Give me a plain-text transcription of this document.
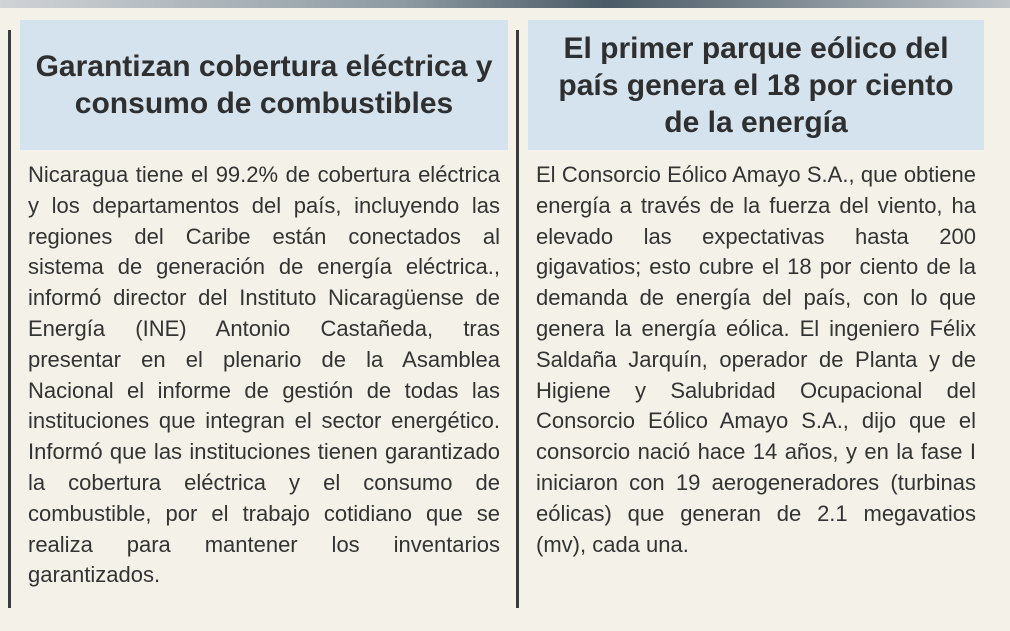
Garantizan cobertura eléctrica y consumo de combustibles

Nicaragua tiene el 99.2% de cobertura eléctrica y los departamentos del país, incluyendo las regiones del Caribe están conectados al sistema de generación de energía eléctrica., informó director del Instituto Nicaragüense de Energía (INE) Antonio Castañeda, tras presentar en el plenario de la Asamblea Nacional el informe de gestión de todas las instituciones que integran el sector energético. Informó que las instituciones tienen garantizado la cobertura eléctrica y el consumo de combustible, por el trabajo cotidiano que se realiza para mantener los inventarios garantizados.

El primer parque eólico del país genera el 18 por ciento de la energía

El Consorcio Eólico Amayo S.A., que obtiene energía a través de la fuerza del viento, ha elevado las expectativas hasta 200 gigavatios; esto cubre el 18 por ciento de la demanda de energía del país, con lo que genera la energía eólica. El ingeniero Félix Saldaña Jarquín, operador de Planta y de Higiene y Salubridad Ocupacional del Consorcio Eólico Amayo S.A., dijo que el consorcio nació hace 14 años, y en la fase I iniciaron con 19 aerogeneradores (turbinas eólicas) que generan de 2.1 megavatios (mv), cada una.
